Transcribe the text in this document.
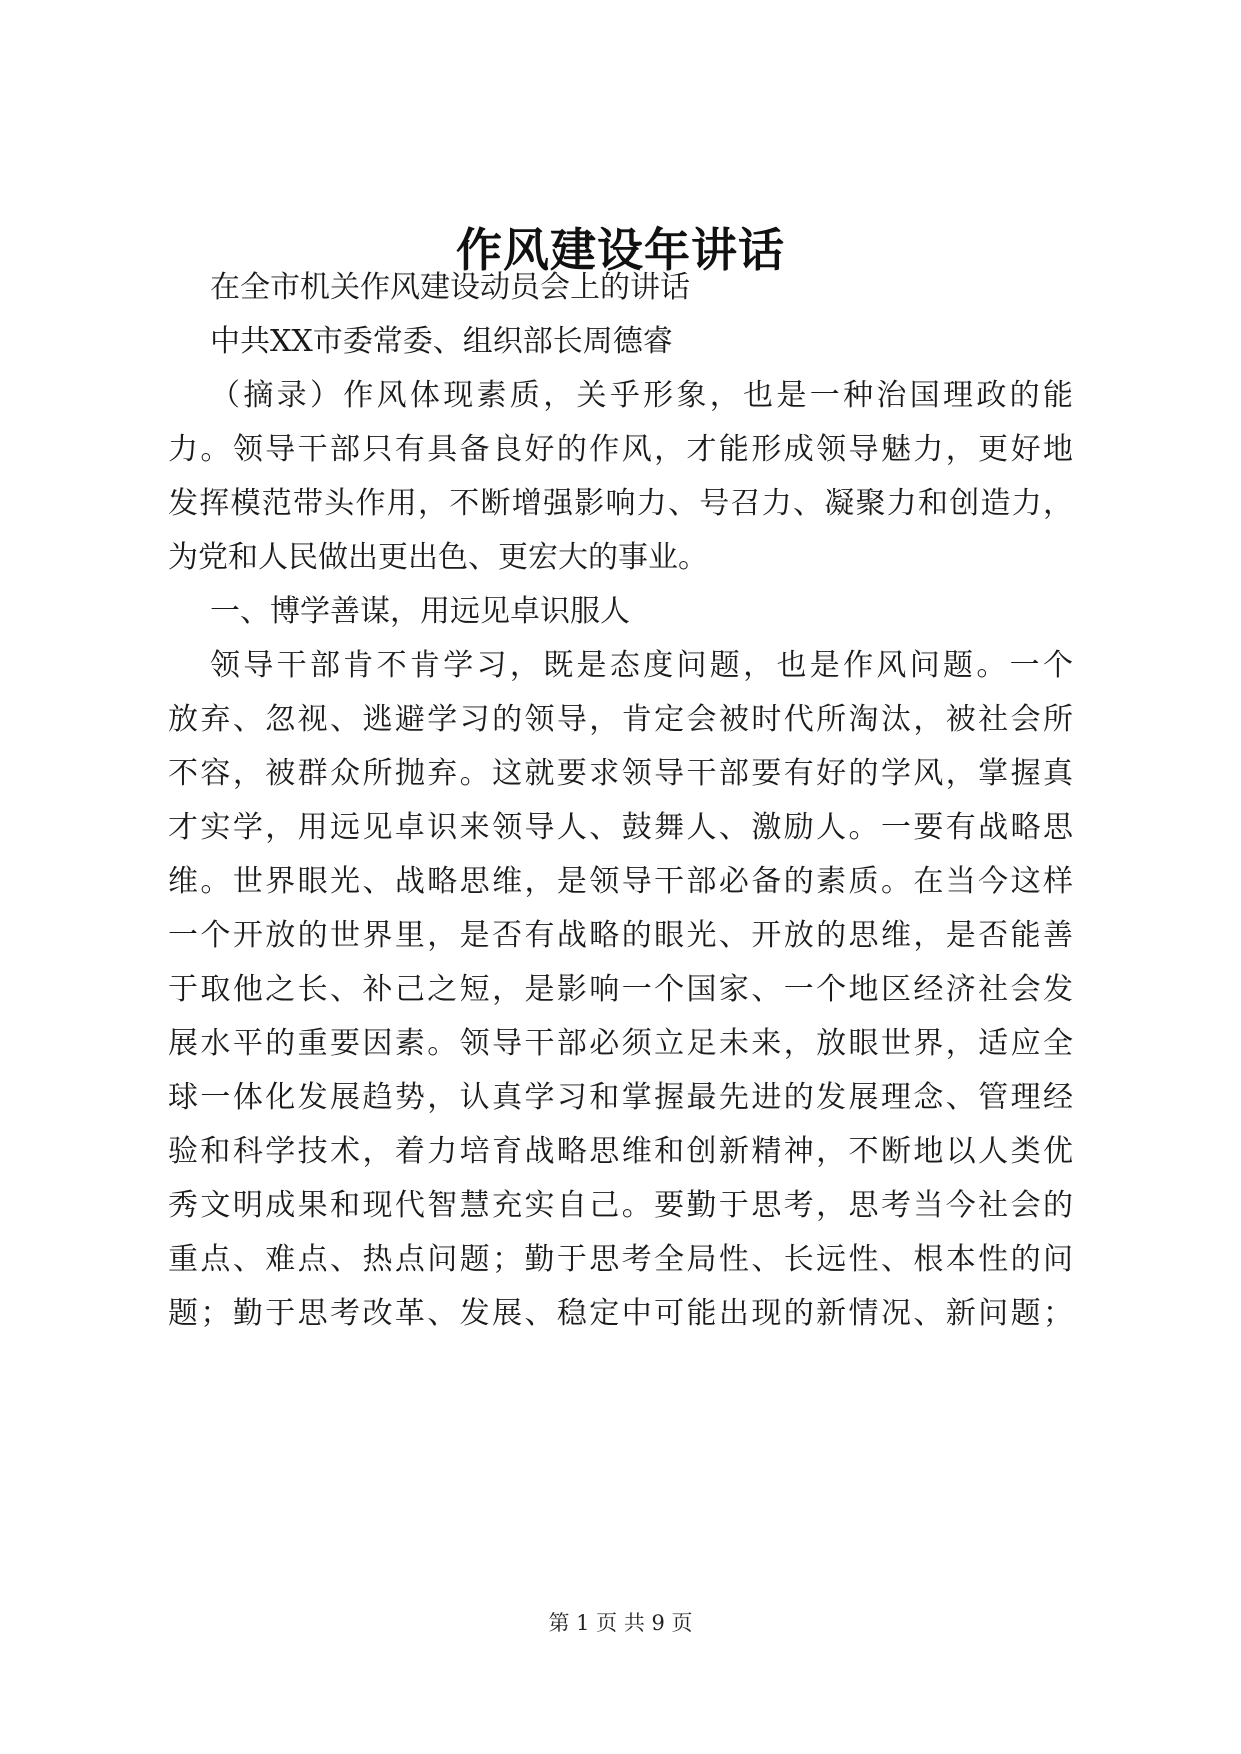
作风建设年讲话
在全市机关作风建设动员会上的讲话
中共XX市委常委、组织部长周德睿
（摘录）作风体现素质，关乎形象，也是一种治国理政的能
力。领导干部只有具备良好的作风，才能形成领导魅力，更好地
发挥模范带头作用，不断增强影响力、号召力、凝聚力和创造力，
为党和人民做出更出色、更宏大的事业。
一、博学善谋，用远见卓识服人
领导干部肯不肯学习，既是态度问题，也是作风问题。一个
放弃、忽视、逃避学习的领导，肯定会被时代所淘汰，被社会所
不容，被群众所抛弃。这就要求领导干部要有好的学风，掌握真
才实学，用远见卓识来领导人、鼓舞人、激励人。一要有战略思
维。世界眼光、战略思维，是领导干部必备的素质。在当今这样
一个开放的世界里，是否有战略的眼光、开放的思维，是否能善
于取他之长、补己之短，是影响一个国家、一个地区经济社会发
展水平的重要因素。领导干部必须立足未来，放眼世界，适应全
球一体化发展趋势，认真学习和掌握最先进的发展理念、管理经
验和科学技术，着力培育战略思维和创新精神，不断地以人类优
秀文明成果和现代智慧充实自己。要勤于思考，思考当今社会的
重点、难点、热点问题；勤于思考全局性、长远性、根本性的问
题；勤于思考改革、发展、稳定中可能出现的新情况、新问题；
第 1 页 共 9 页
